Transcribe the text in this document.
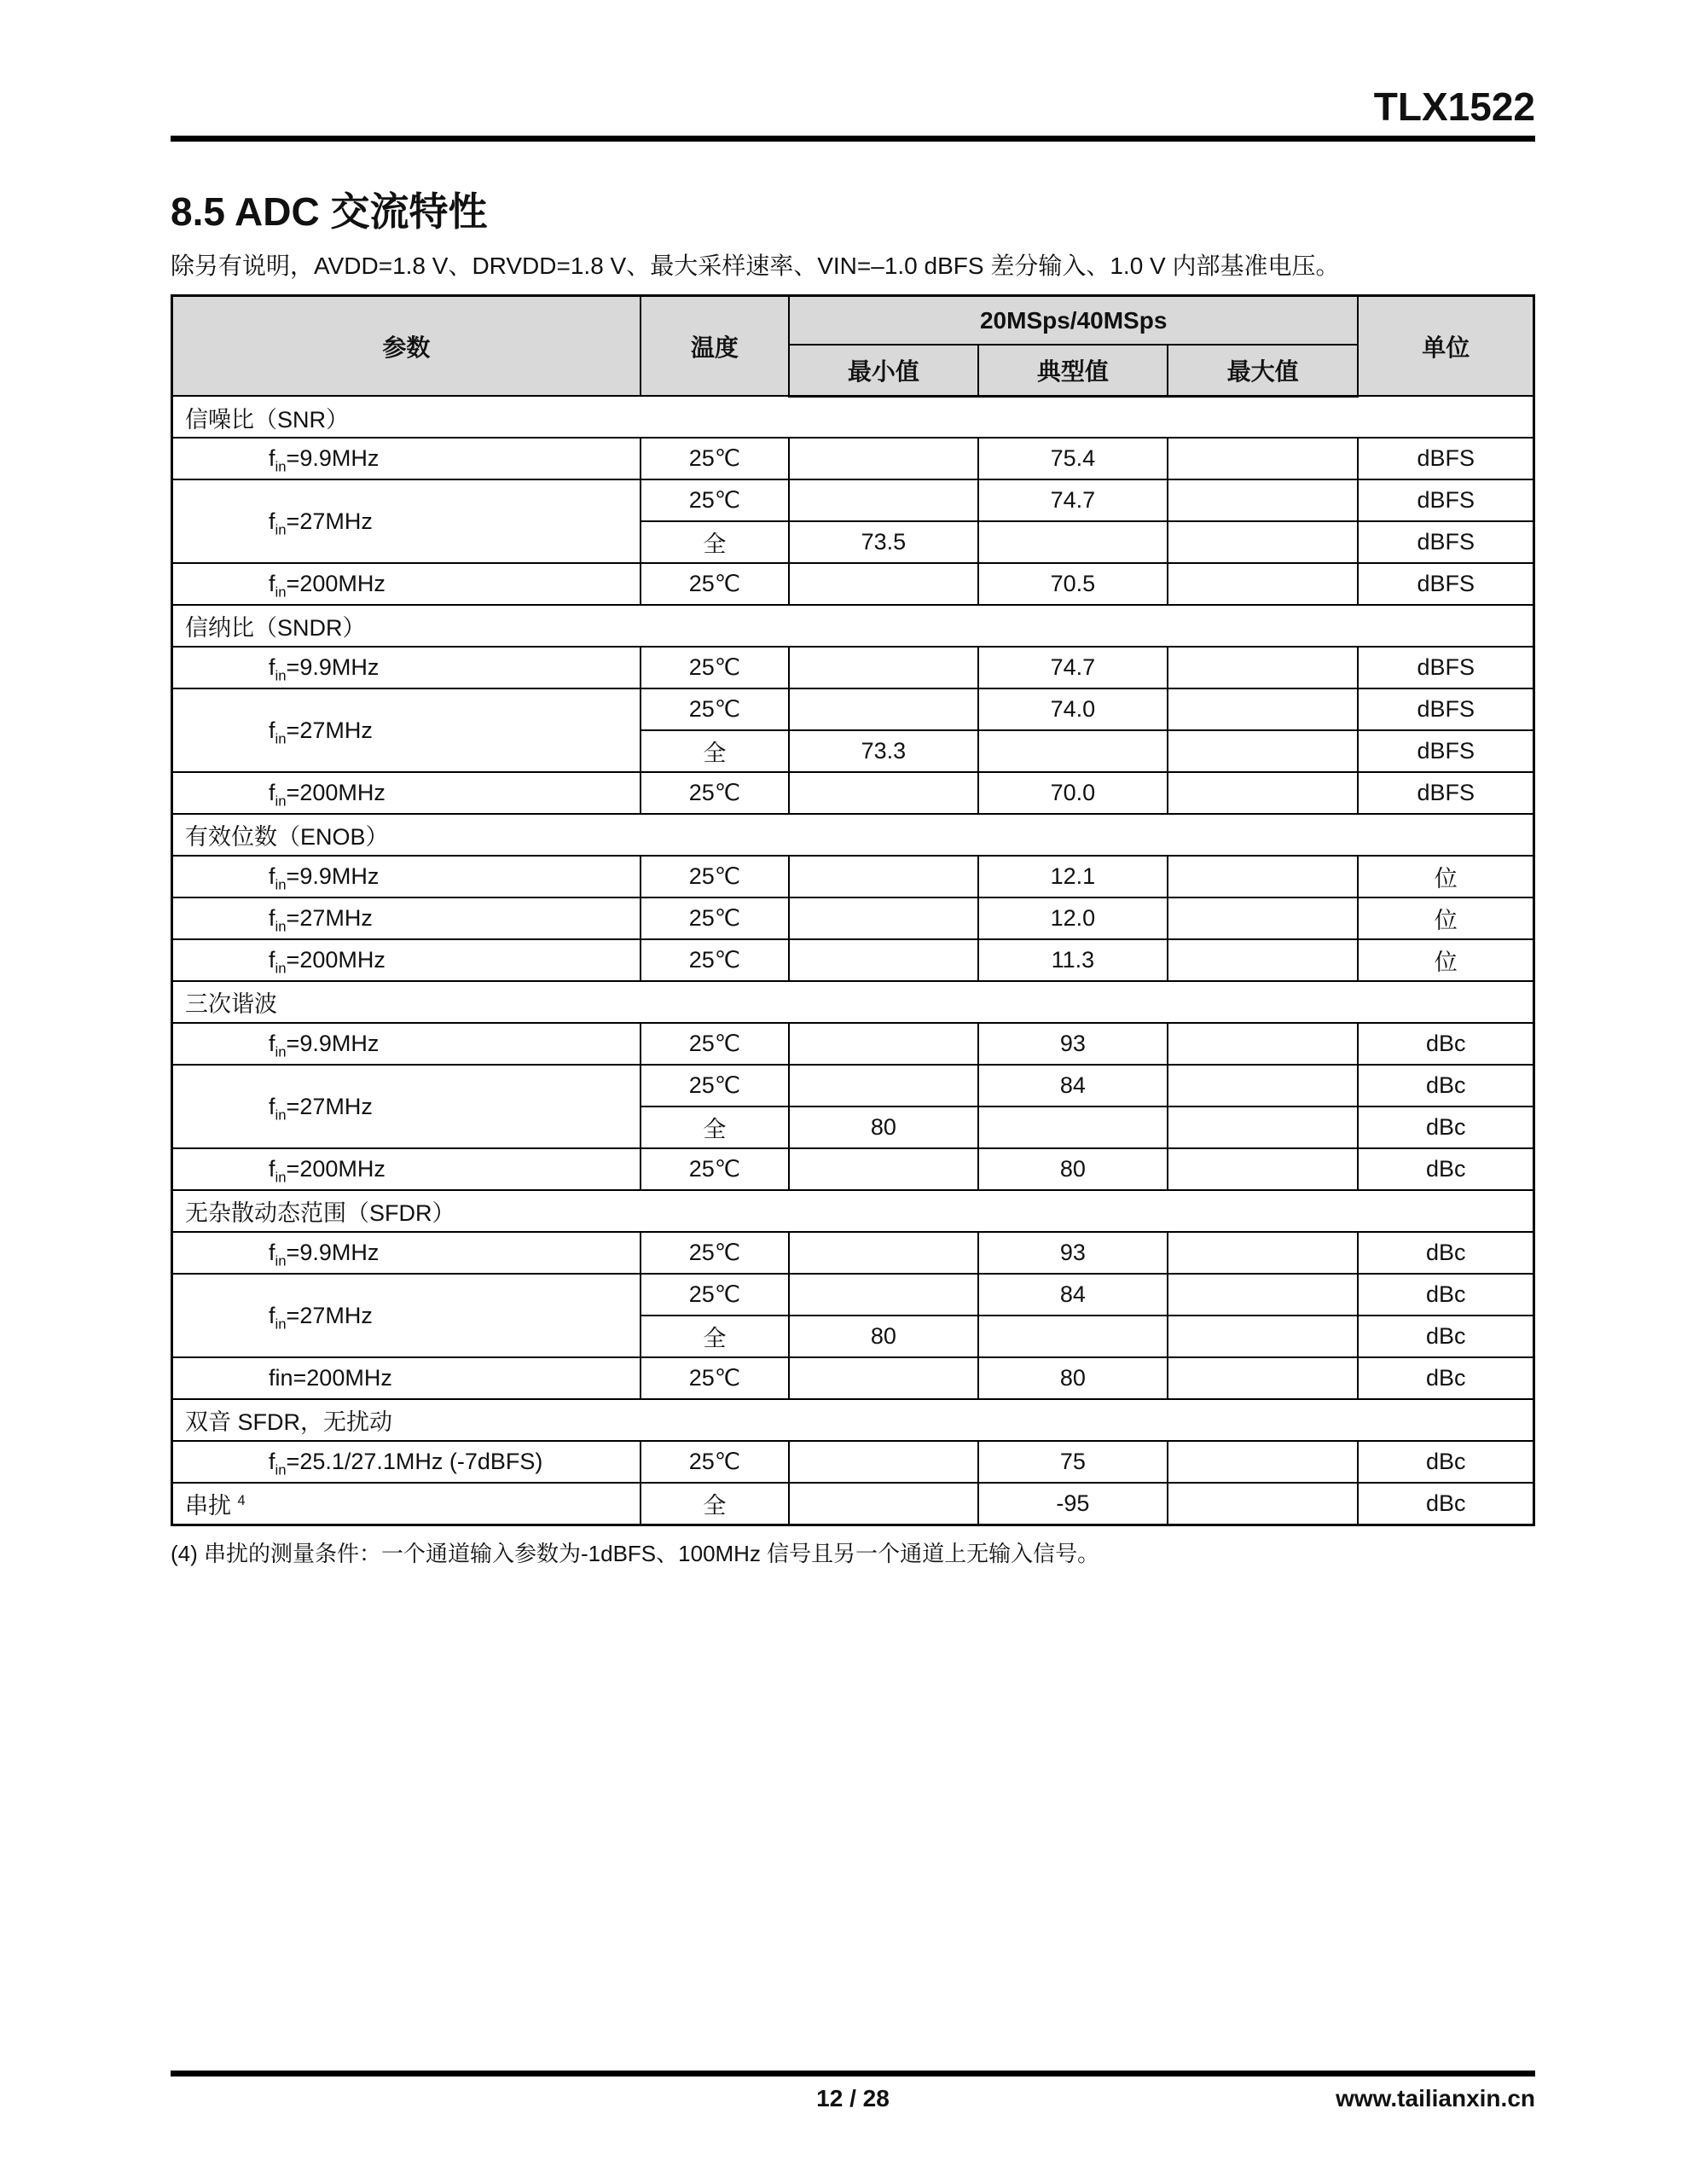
TLX1522
8.5 ADC 交流特性

除另有说明，AVDD=1.8 V、DRVDD=1.8 V、最大采样速率、VIN=–1.0 dBFS 差分输入、1.0 V 内部基准电压。

参数	温度	20MSps/40MSps			单位
		最小值	典型值	最大值	
信噪比（SNR）					
$f_{in}=9.9MHz$	25℃		75.4		dBFS
$f_{in}=27MHz$	25℃		74.7		dBFS
	全	73.5			dBFS
$f_{in}=200MHz$	25℃		70.5		dBFS
信纳比（SNDR）					
$f_{in}=9.9MHz$	25℃		74.7		dBFS
$f_{in}=27MHz$	25℃		74.0		dBFS
	全	73.3			dBFS
$f_{in}=200MHz$	25℃		70.0		dBFS
有效位数（ENOB）					
$f_{in}=9.9MHz$	25℃		12.1		位
$f_{in}=27MHz$	25℃		12.0		位
$f_{in}=200MHz$	25℃		11.3		位
三次谐波					
$f_{in}=9.9MHz$	25℃		93		dBc
$f_{in}=27MHz$	25℃		84		dBc
	全	80			dBc
$f_{in}=200MHz$	25℃		80		dBc
无杂散动态范围（SFDR）					
$f_{in}=9.9MHz$	25℃		93		dBc
$f_{in}=27MHz$	25℃		84		dBc
	全	80			dBc
fin=200MHz	25℃		80		dBc
双音 SFDR，无扰动					
$f_{in}=25.1/27.1MHz$ (-7dBFS)	25℃		75		dBc
串扰 $^4$	全		-95		dBc

(4) 串扰的测量条件：一个通道输入参数为-1dBFS、100MHz 信号且另一个通道上无输入信号。

12 / 28	www.tailianxin.cn
